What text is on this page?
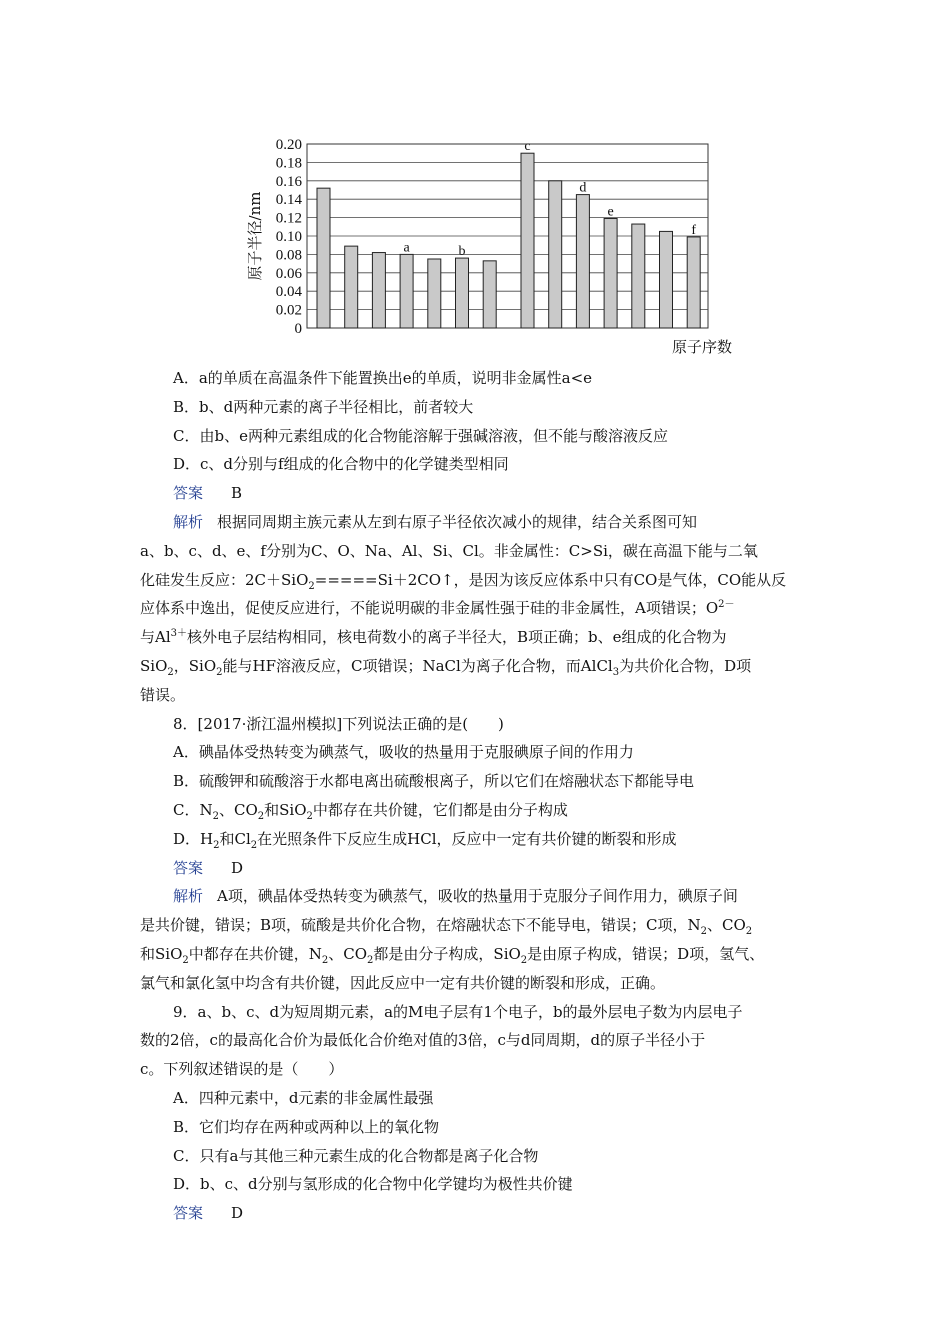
0.20
0.18
0.16
0.14
0.12
0.10
0.08
0.06
0.04
0.02
0
原子半径/nm
原子序数
a	b
c
d
e
f
A．a的单质在高温条件下能置换出e的单质，说明非金属性a<e
B．b、d两种元素的离子半径相比，前者较大
C．由b、e两种元素组成的化合物能溶解于强碱溶液，但不能与酸溶液反应
D．c、d分别与f组成的化合物中的化学键类型相同
答案 B
解析 根据同周期主族元素从左到右原子半径依次减小的规律，结合关系图可知
a、b、c、d、e、f分别为C、O、Na、Al、Si、Cl。非金属性：C>Si，碳在高温下能与二氧
化硅发生反应：2C＋SiO$_2$=====Si＋2CO↑，是因为该反应体系中只有CO是气体，CO能从反
应体系中逸出，促使反应进行，不能说明碳的非金属性强于硅的非金属性，A项错误；$O^{2-}$
与$Al^{3+}$核外电子层结构相同，核电荷数小的离子半径大，B项正确；b、e组成的化合物为
SiO$_2$，SiO$_2$能与HF溶液反应，C项错误；NaCl为离子化合物，而AlCl$_3$为共价化合物，D项
错误。
8．[2017·浙江温州模拟]下列说法正确的是(　　)
A．碘晶体受热转变为碘蒸气，吸收的热量用于克服碘原子间的作用力
B．硫酸钾和硫酸溶于水都电离出硫酸根离子，所以它们在熔融状态下都能导电
C．$N_2$、$CO_2$和SiO$_2$中都存在共价键，它们都是由分子构成
D．$H_2$和$Cl_2$在光照条件下反应生成HCl，反应中一定有共价键的断裂和形成
答案 D
解析 A项，碘晶体受热转变为碘蒸气，吸收的热量用于克服分子间作用力，碘原子间
是共价键，错误；B项，硫酸是共价化合物，在熔融状态下不能导电，错误；C项，$N_2$、$CO_2$
和SiO$_2$中都存在共价键，$N_2$、$CO_2$都是由分子构成，SiO$_2$是由原子构成，错误；D项，氢气、
氯气和氯化氢中均含有共价键，因此反应中一定有共价键的断裂和形成，正确。
9．a、b、c、d为短周期元素，a的M电子层有1个电子，b的最外层电子数为内层电子
数的2倍，c的最高化合价为最低化合价绝对值的3倍，c与d同周期，d的原子半径小于
c。下列叙述错误的是（　　）
A．四种元素中，d元素的非金属性最强
B．它们均存在两种或两种以上的氧化物
C．只有a与其他三种元素生成的化合物都是离子化合物
D．b、c、d分别与氢形成的化合物中化学键均为极性共价键
答案 D
